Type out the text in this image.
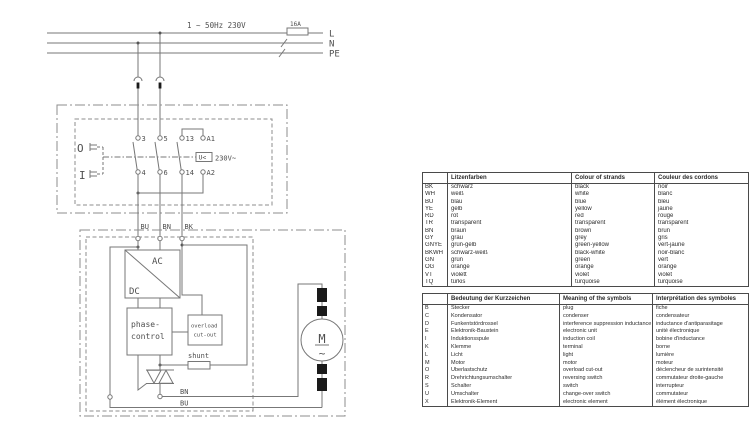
1 ~ 50Hz 230V	16A
L
N
PE
O
I
3	5	13 A1
4	6	14 A2
U< 230V~
BU BN BK
AC
DC
phase-
control
overload
cut-out
shunt
BN
BU
M
~
	Litzenfarben	Colour of strands	Couleur des cordons
BK	schwarz	black	noir
WH	weiß	white	blanc
BU	blau	blue	bleu
YE	gelb	yellow	jaune
RD	rot	red	rouge
TR	transparent	transparent	transparent
BN	braun	brown	brun
GY	grau	grey	gris
GNYE	grün-gelb	green-yellow	vert-jaune
BKWH	schwarz-weiß	black-white	noir-blanc
GN	grün	green	vert
OG	orange	orange	orange
VT	violett	violet	violet
TQ	türkis	turquoise	turquoise
	Bedeutung der Kurzzeichen	Meaning of the symbols	Interprétation des symboles
B	Stecker	plug	fiche
C	Kondensator	condenser	condensateur
D	Funkentstördrossel	interference suppression inductance	inductance d'antiparasitage
E	Elektronik-Baustein	electronic unit	unité électronique
I	Induktionsspule	induction coil	bobine d'inductance
K	Klemme	terminal	borne
L	Licht	light	lumière
M	Motor	motor	moteur
O	Überlastschutz	overload cut-out	déclencheur de surintensité
R	Drehrichtungsumschalter	reversing switch	commutateur droite-gauche
S	Schalter	switch	interrupteur
U	Umschalter	change-over switch	commutateur
X	Elektronik-Element	electronic element	élément électronique
